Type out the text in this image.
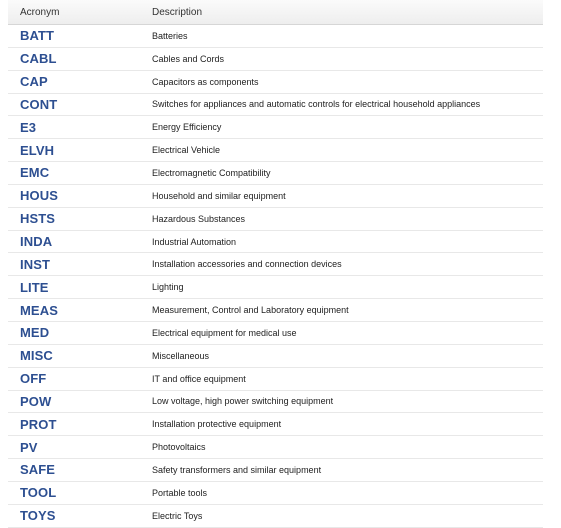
Acronym	Description
BATT	Batteries
CABL	Cables and Cords
CAP	Capacitors as components
CONT	Switches for appliances and automatic controls for electrical household appliances
E3	Energy Efficiency
ELVH	Electrical Vehicle
EMC	Electromagnetic Compatibility
HOUS	Household and similar equipment
HSTS	Hazardous Substances
INDA	Industrial Automation
INST	Installation accessories and connection devices
LITE	Lighting
MEAS	Measurement, Control and Laboratory equipment
MED	Electrical equipment for medical use
MISC	Miscellaneous
OFF	IT and office equipment
POW	Low voltage, high power switching equipment
PROT	Installation protective equipment
PV	Photovoltaics
SAFE	Safety transformers and similar equipment
TOOL	Portable tools
TOYS	Electric Toys
